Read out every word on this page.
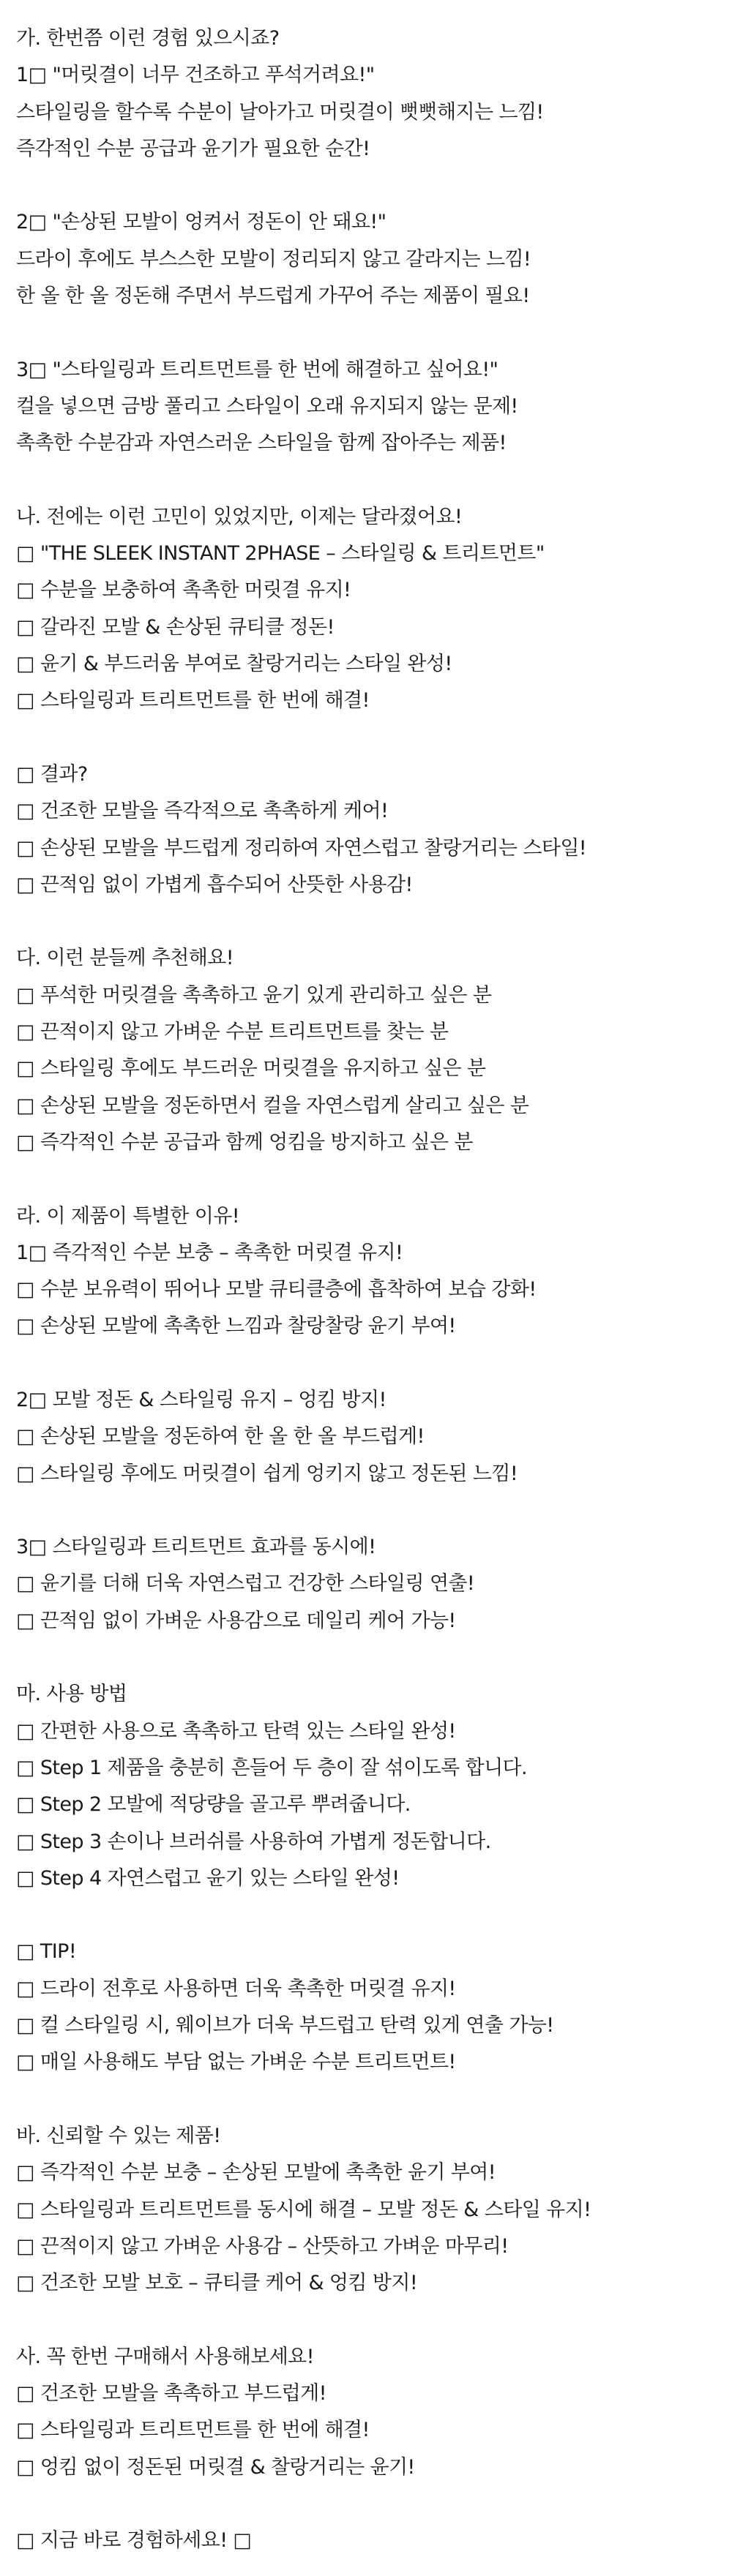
가. 한번쯤 이런 경험 있으시죠?
1□ "머릿결이 너무 건조하고 푸석거려요!"
스타일링을 할수록 수분이 날아가고 머릿결이 뻣뻣해지는 느낌!
즉각적인 수분 공급과 윤기가 필요한 순간!
2□ "손상된 모발이 엉켜서 정돈이 안 돼요!"
드라이 후에도 부스스한 모발이 정리되지 않고 갈라지는 느낌!
한 올 한 올 정돈해 주면서 부드럽게 가꾸어 주는 제품이 필요!
3□ "스타일링과 트리트먼트를 한 번에 해결하고 싶어요!"
컬을 넣으면 금방 풀리고 스타일이 오래 유지되지 않는 문제!
촉촉한 수분감과 자연스러운 스타일을 함께 잡아주는 제품!
나. 전에는 이런 고민이 있었지만, 이제는 달라졌어요!
□ "THE SLEEK INSTANT 2PHASE – 스타일링 & 트리트먼트"
□ 수분을 보충하여 촉촉한 머릿결 유지!
□ 갈라진 모발 & 손상된 큐티클 정돈!
□ 윤기 & 부드러움 부여로 찰랑거리는 스타일 완성!
□ 스타일링과 트리트먼트를 한 번에 해결!
□ 결과?
□ 건조한 모발을 즉각적으로 촉촉하게 케어!
□ 손상된 모발을 부드럽게 정리하여 자연스럽고 찰랑거리는 스타일!
□ 끈적임 없이 가볍게 흡수되어 산뜻한 사용감!
다. 이런 분들께 추천해요!
□ 푸석한 머릿결을 촉촉하고 윤기 있게 관리하고 싶은 분
□ 끈적이지 않고 가벼운 수분 트리트먼트를 찾는 분
□ 스타일링 후에도 부드러운 머릿결을 유지하고 싶은 분
□ 손상된 모발을 정돈하면서 컬을 자연스럽게 살리고 싶은 분
□ 즉각적인 수분 공급과 함께 엉킴을 방지하고 싶은 분
라. 이 제품이 특별한 이유!
1□ 즉각적인 수분 보충 – 촉촉한 머릿결 유지!
□ 수분 보유력이 뛰어나 모발 큐티클층에 흡착하여 보습 강화!
□ 손상된 모발에 촉촉한 느낌과 찰랑찰랑 윤기 부여!
2□ 모발 정돈 & 스타일링 유지 – 엉킴 방지!
□ 손상된 모발을 정돈하여 한 올 한 올 부드럽게!
□ 스타일링 후에도 머릿결이 쉽게 엉키지 않고 정돈된 느낌!
3□ 스타일링과 트리트먼트 효과를 동시에!
□ 윤기를 더해 더욱 자연스럽고 건강한 스타일링 연출!
□ 끈적임 없이 가벼운 사용감으로 데일리 케어 가능!
마. 사용 방법
□ 간편한 사용으로 촉촉하고 탄력 있는 스타일 완성!
□ Step 1 제품을 충분히 흔들어 두 층이 잘 섞이도록 합니다.
□ Step 2 모발에 적당량을 골고루 뿌려줍니다.
□ Step 3 손이나 브러쉬를 사용하여 가볍게 정돈합니다.
□ Step 4 자연스럽고 윤기 있는 스타일 완성!
□ TIP!
□ 드라이 전후로 사용하면 더욱 촉촉한 머릿결 유지!
□ 컬 스타일링 시, 웨이브가 더욱 부드럽고 탄력 있게 연출 가능!
□ 매일 사용해도 부담 없는 가벼운 수분 트리트먼트!
바. 신뢰할 수 있는 제품!
□ 즉각적인 수분 보충 – 손상된 모발에 촉촉한 윤기 부여!
□ 스타일링과 트리트먼트를 동시에 해결 – 모발 정돈 & 스타일 유지!
□ 끈적이지 않고 가벼운 사용감 – 산뜻하고 가벼운 마무리!
□ 건조한 모발 보호 – 큐티클 케어 & 엉킴 방지!
사. 꼭 한번 구매해서 사용해보세요!
□ 건조한 모발을 촉촉하고 부드럽게!
□ 스타일링과 트리트먼트를 한 번에 해결!
□ 엉킴 없이 정돈된 머릿결 & 찰랑거리는 윤기!
□ 지금 바로 경험하세요! □
